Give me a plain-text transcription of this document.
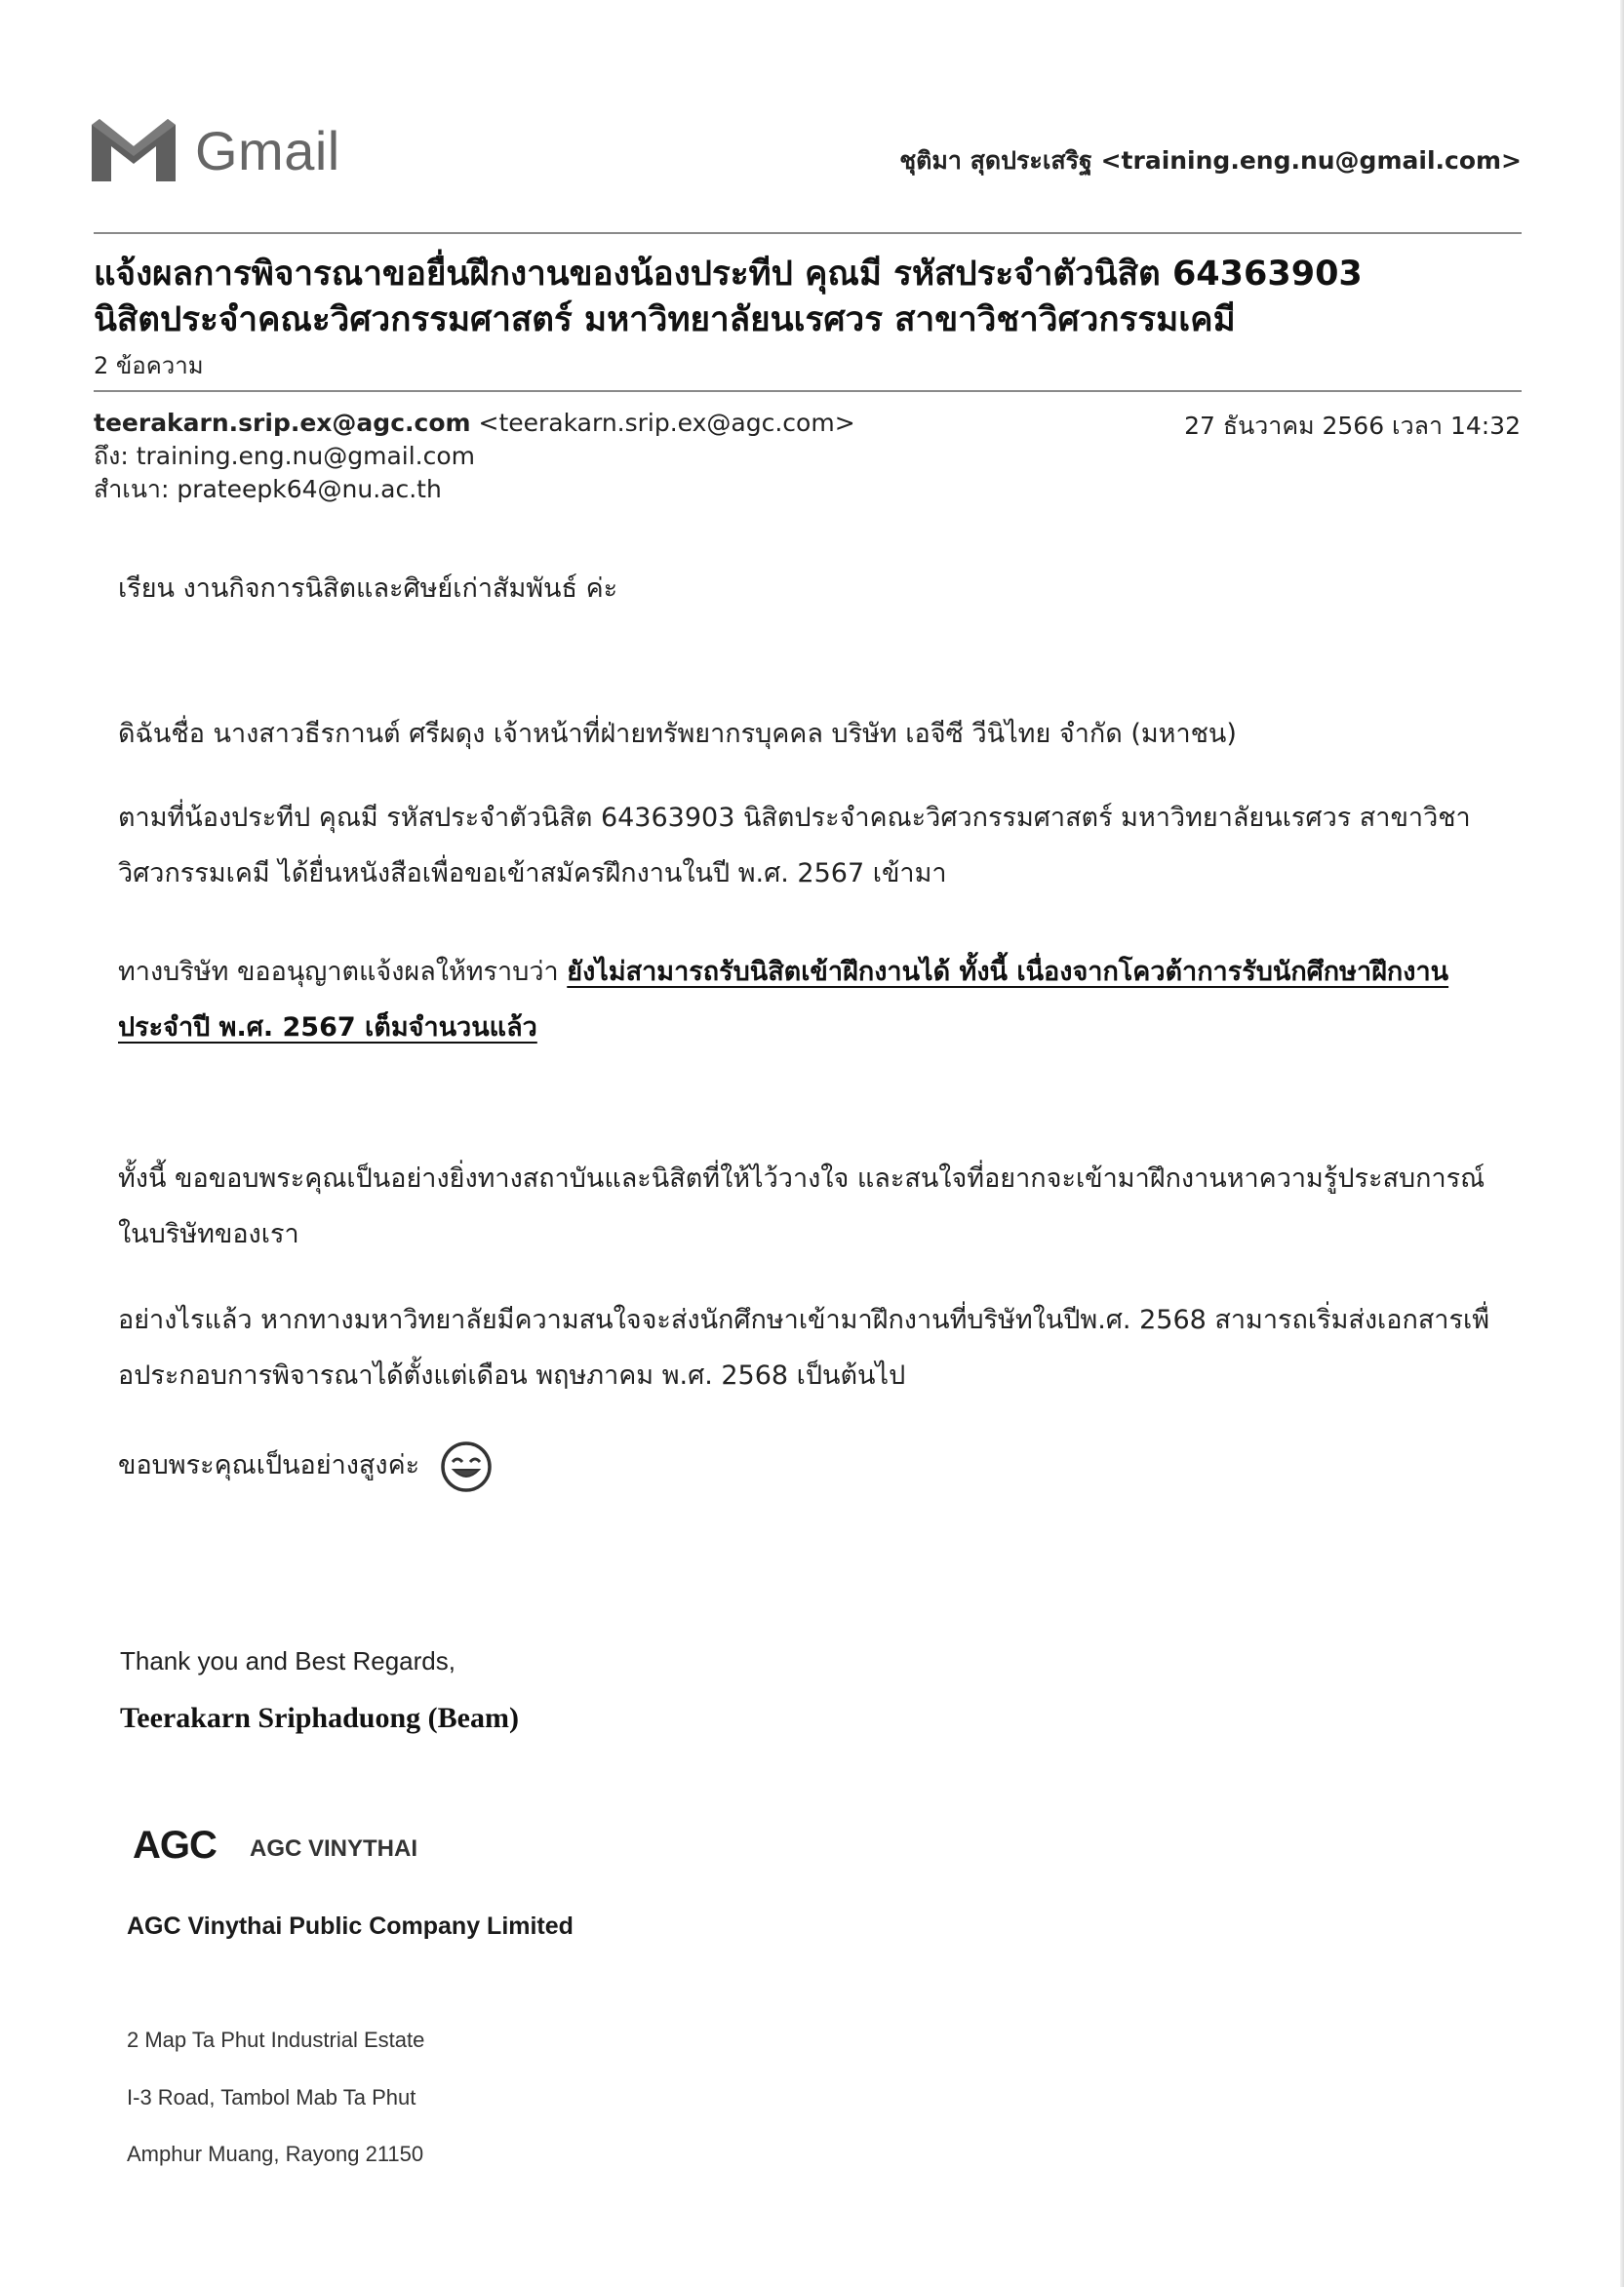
Gmail	ชุติมา สุดประเสริฐ <training.eng.nu@gmail.com>
แจ้งผลการพิจารณาขอยื่นฝึกงานของน้องประทีป คุณมี รหัสประจำตัวนิสิต 64363903
นิสิตประจำคณะวิศวกรรมศาสตร์ มหาวิทยาลัยนเรศวร สาขาวิชาวิศวกรรมเคมี
2 ข้อความ
teerakarn.srip.ex@agc.com <teerakarn.srip.ex@agc.com>
ถึง: training.eng.nu@gmail.com
สำเนา: prateepk64@nu.ac.th
27 ธันวาคม 2566 เวลา 14:32
เรียน งานกิจการนิสิตและศิษย์เก่าสัมพันธ์ ค่ะ
ดิฉันชื่อ นางสาวธีรกานต์ ศรีผดุง เจ้าหน้าที่ฝ่ายทรัพยากรบุคคล บริษัท เอจีซี วีนิไทย จำกัด (มหาชน)
ตามที่น้องประทีป คุณมี รหัสประจำตัวนิสิต 64363903 นิสิตประจำคณะวิศวกรรมศาสตร์ มหาวิทยาลัยนเรศวร สาขาวิชา
วิศวกรรมเคมี ได้ยื่นหนังสือเพื่อขอเข้าสมัครฝึกงานในปี พ.ศ. 2567 เข้ามา
ทางบริษัท ขออนุญาตแจ้งผลให้ทราบว่า ยังไม่สามารถรับนิสิตเข้าฝึกงานได้ ทั้งนี้ เนื่องจากโควต้าการรับนักศึกษาฝึกงาน
ประจำปี พ.ศ. 2567 เต็มจำนวนแล้ว
ทั้งนี้ ขอขอบพระคุณเป็นอย่างยิ่งทางสถาบันและนิสิตที่ให้ไว้วางใจ และสนใจที่อยากจะเข้ามาฝึกงานหาความรู้ประสบการณ์
ในบริษัทของเรา
อย่างไรแล้ว หากทางมหาวิทยาลัยมีความสนใจจะส่งนักศึกษาเข้ามาฝึกงานที่บริษัทในปีพ.ศ. 2568 สามารถเริ่มส่งเอกสารเพื่
อประกอบการพิจารณาได้ตั้งแต่เดือน พฤษภาคม พ.ศ. 2568 เป็นต้นไป
ขอบพระคุณเป็นอย่างสูงค่ะ
Thank you and Best Regards,
Teerakarn Sriphaduong (Beam)
AGC AGC VINYTHAI
AGC Vinythai Public Company Limited
2 Map Ta Phut Industrial Estate
I-3 Road, Tambol Mab Ta Phut
Amphur Muang, Rayong 21150
